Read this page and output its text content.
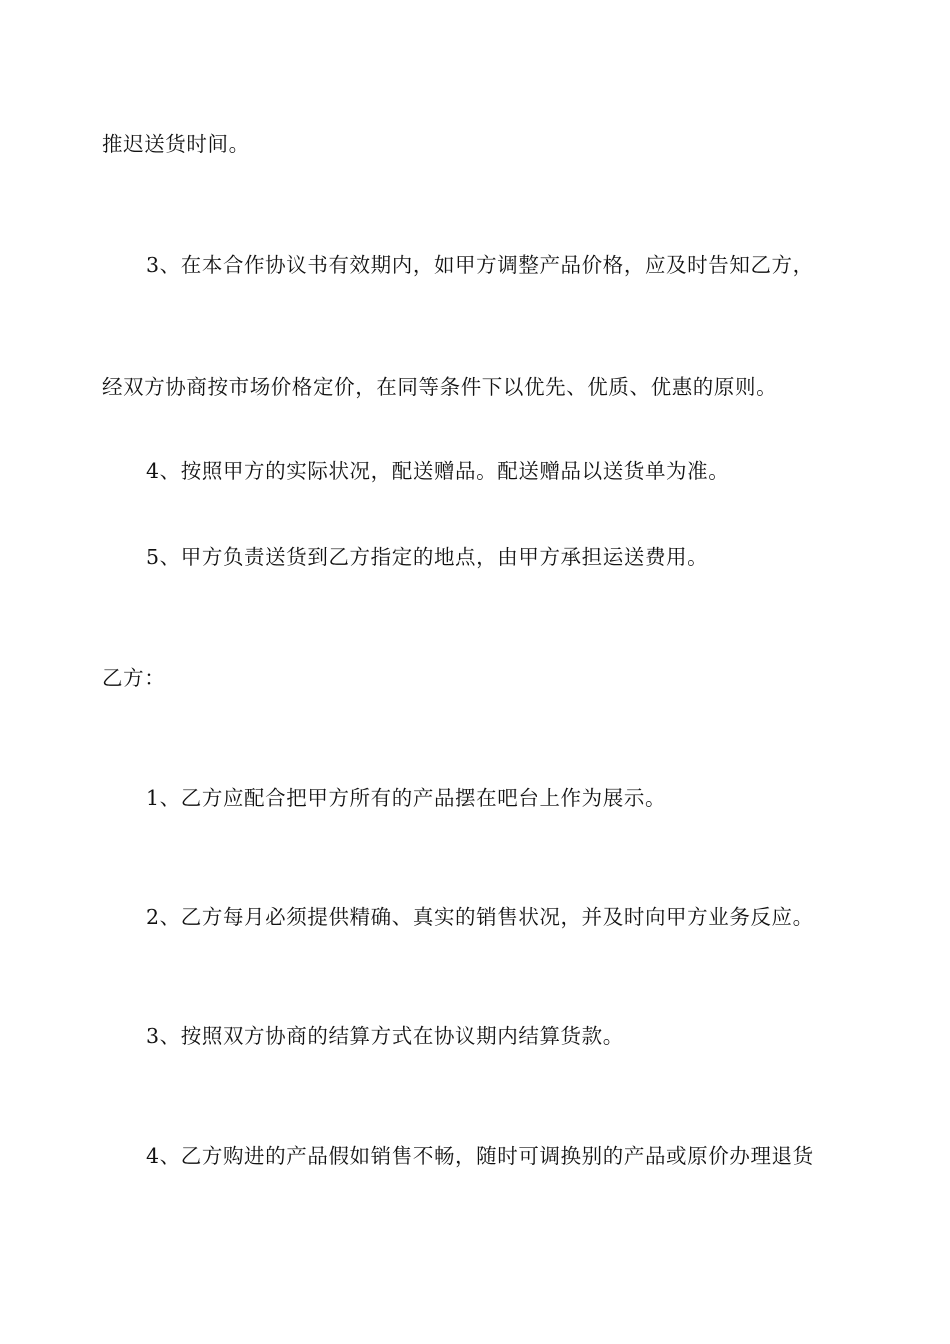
推迟送货时间。
3、在本合作协议书有效期内，如甲方调整产品价格，应及时告知乙方，
经双方协商按市场价格定价，在同等条件下以优先、优质、优惠的原则。
4、按照甲方的实际状况，配送赠品。配送赠品以送货单为准。
5、甲方负责送货到乙方指定的地点，由甲方承担运送费用。
乙方：
1、乙方应配合把甲方所有的产品摆在吧台上作为展示。
2、乙方每月必须提供精确、真实的销售状况，并及时向甲方业务反应。
3、按照双方协商的结算方式在协议期内结算货款。
4、乙方购进的产品假如销售不畅，随时可调换别的产品或原价办理退货
